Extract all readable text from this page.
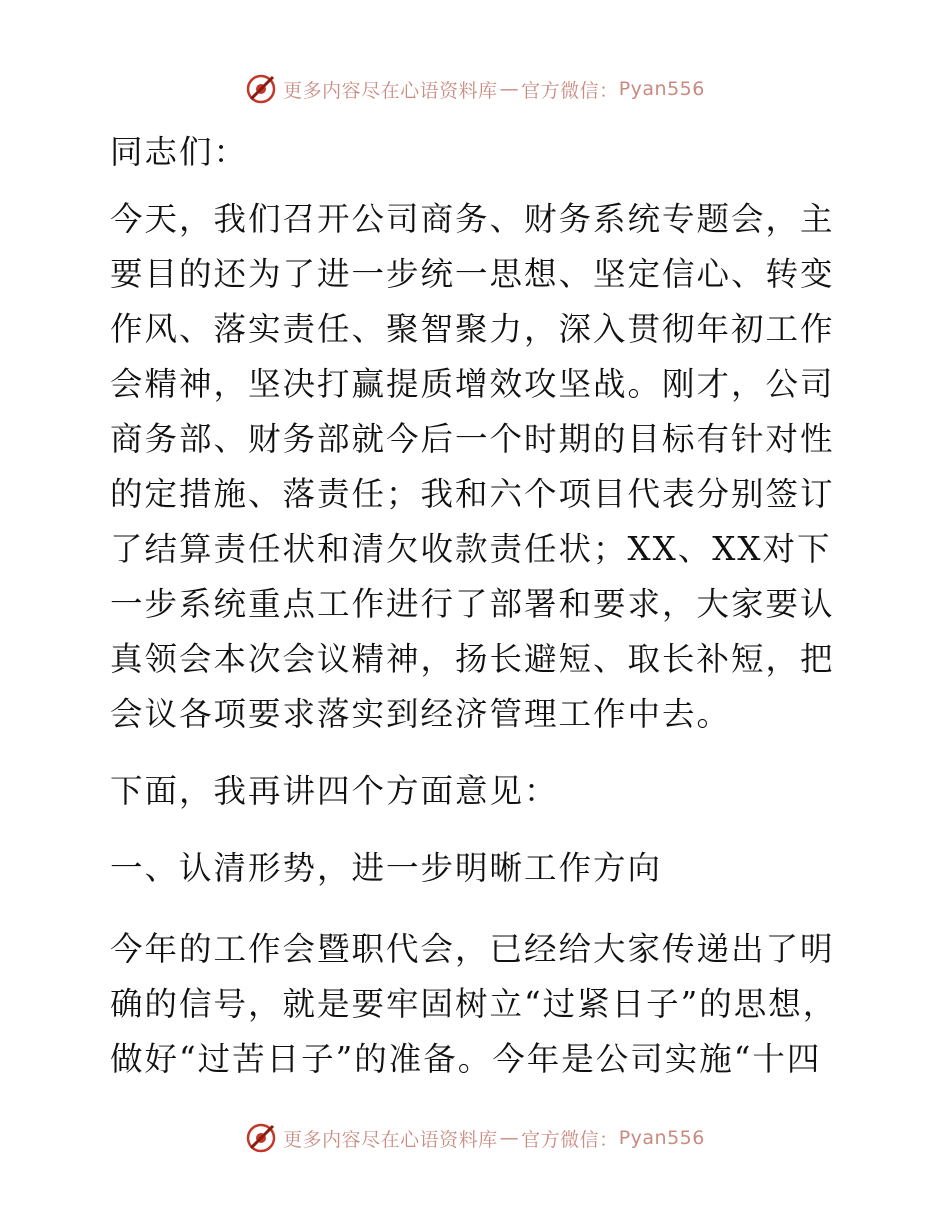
更多内容尽在心语资料库 — 官方微信： Pyan556

同志们：

今天，我们召开公司商务、财务系统专题会，主要目的还为了进一步统一思想、坚定信心、转变作风、落实责任、聚智聚力，深入贯彻年初工作会精神，坚决打赢提质增效攻坚战。刚才，公司商务部、财务部就今后一个时期的目标有针对性的定措施、落责任；我和六个项目代表分别签订了结算责任状和清欠收款责任状；XX、XX对下一步系统重点工作进行了部署和要求，大家要认真领会本次会议精神，扬长避短、取长补短，把会议各项要求落实到经济管理工作中去。

下面，我再讲四个方面意见：

一、认清形势，进一步明晰工作方向

今年的工作会暨职代会，已经给大家传递出了明确的信号，就是要牢固树立“过紧日子”的思想，做好“过苦日子”的准备。今年是公司实施“十四

更多内容尽在心语资料库 — 官方微信： Pyan556
